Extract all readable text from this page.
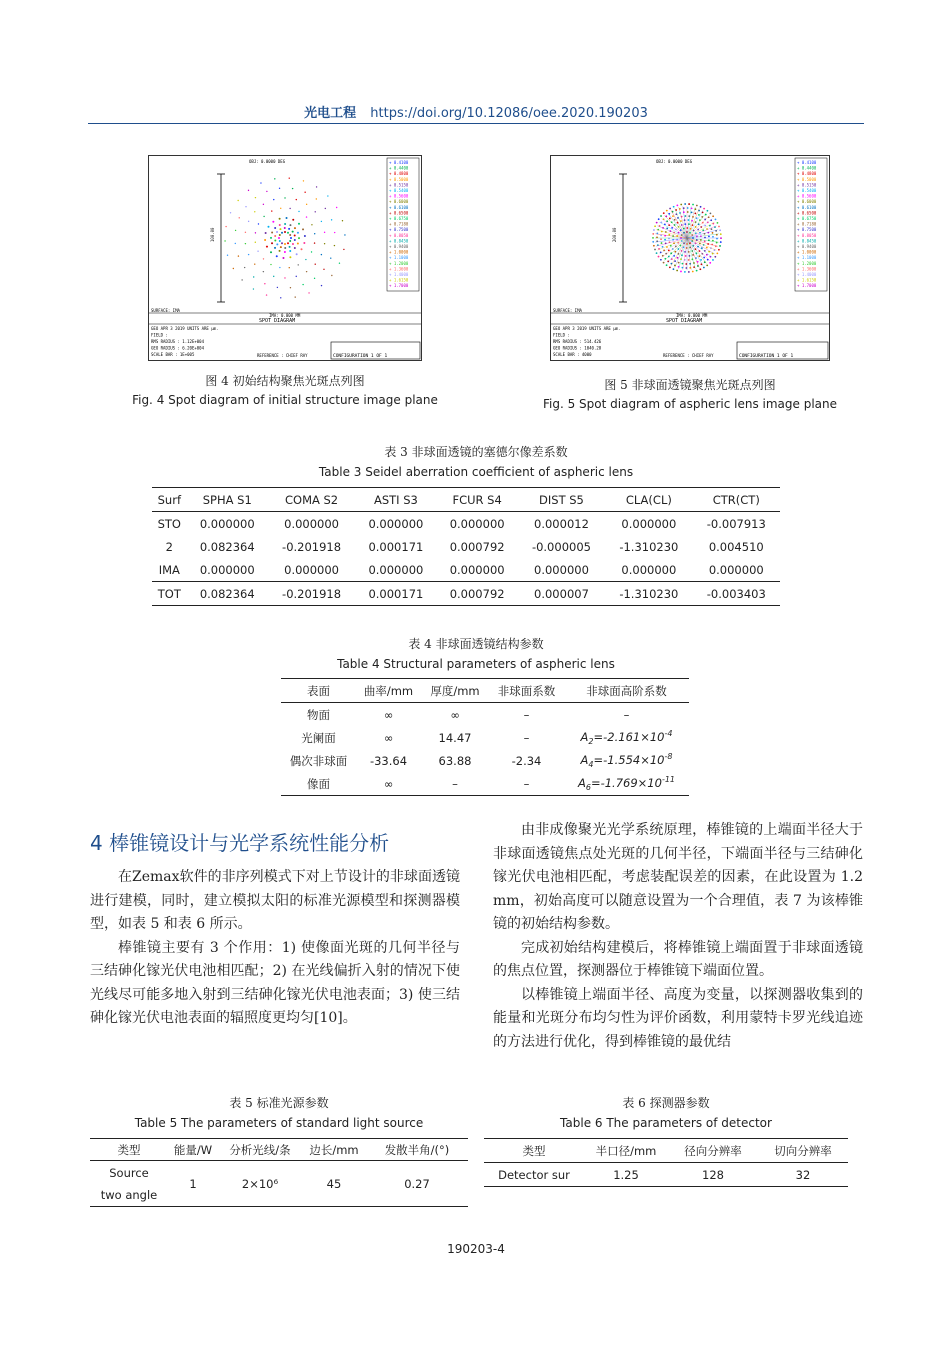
光电工程 https://doi.org/10.12086/oee.2020.190203
OBJ: 0.0000 DEG
100.00
+ 0.4100
+ 0.4400
+ 0.4800
+ 0.5000
+ 0.5150
+ 0.5400
+ 0.5600
+ 0.6000
+ 0.6100
+ 0.6500
+ 0.6750
+ 0.7180
+ 0.7500
+ 0.8050
+ 0.8450
+ 0.9400
+ 1.0000
+ 1.1000
+ 1.2000
+ 1.3600
+ 1.4000
+ 1.6150
+ 1.7000
SURFACE: IMA
IMA: 0.000 MM
SPOT DIAGRAM
GEO APR 3 2019 UNITS ARE μm.
FIELD :
RMS RADIUS : 1.12E+004
GEO RADIUS : 6.20E+004
SCALE BAR : 1E+005	REFERENCE : CHIEF RAY	CONFIGURATION 1 OF 1
图 4 初始结构聚焦光斑点列图
Fig. 4 Spot diagram of initial structure image plane
OBJ: 0.0000 DEG
200.00
+ 0.4100
+ 0.4400
+ 0.4800
+ 0.5000
+ 0.5150
+ 0.5400
+ 0.5600
+ 0.6000
+ 0.6100
+ 0.6500
+ 0.6750
+ 0.7180
+ 0.7500
+ 0.8050
+ 0.8450
+ 0.9400
+ 1.0000
+ 1.1000
+ 1.2000
+ 1.3600
+ 1.4000
+ 1.6150
+ 1.7000
SURFACE: IMA
IMA: 0.000 MM
SPOT DIAGRAM
GEO APR 3 2019 UNITS ARE μm.
FIELD :
RMS RADIUS : 514.426
GEO RADIUS : 1040.28
SCALE BAR : 4000	REFERENCE : CHIEF RAY	CONFIGURATION 1 OF 1
图 5 非球面透镜聚焦光斑点列图
Fig. 5 Spot diagram of aspheric lens image plane
表 3 非球面透镜的塞德尔像差系数
Table 3 Seidel aberration coefficient of aspheric lens
Surf	SPHA S1	COMA S2	ASTI S3	FCUR S4	DIST S5	CLA(CL)	CTR(CT)
STO	0.000000	0.000000	0.000000	0.000000	0.000012	0.000000	-0.007913
2	0.082364	-0.201918	0.000171	0.000792	-0.000005	-1.310230	0.004510
IMA	0.000000	0.000000	0.000000	0.000000	0.000000	0.000000	0.000000
TOT	0.082364	-0.201918	0.000171	0.000792	0.000007	-1.310230	-0.003403
表 4 非球面透镜结构参数
Table 4 Structural parameters of aspheric lens
表面	曲率/mm	厚度/mm	非球面系数	非球面高阶系数
物面	∞	∞	–	–
光阑面	∞	14.47	–	$A_2=-2.161\times 10^{-4}$
偶次非球面	-33.64	63.88	-2.34	$A_4=-1.554\times 10^{-8}$
像面	∞	–	–	$A_6=-1.769\times 10^{-11}$
4 棒锥镜设计与光学系统性能分析

在Zemax软件的非序列模式下对上节设计的非球面透镜进行建模，同时，建立模拟太阳的标准光源模型和探测器模型，如表 5 和表 6 所示。

棒锥镜主要有 3 个作用：1) 使像面光斑的几何半径与三结砷化镓光伏电池相匹配；2) 在光线偏折入射的情况下使光线尽可能多地入射到三结砷化镓光伏电池表面；3) 使三结砷化镓光伏电池表面的辐照度更均匀[10]。

由非成像聚光光学系统原理，棒锥镜的上端面半径大于非球面透镜焦点处光斑的几何半径，下端面半径与三结砷化镓光伏电池相匹配，考虑装配误差的因素，在此设置为 1.2 mm，初始高度可以随意设置为一个合理值，表 7 为该棒锥镜的初始结构参数。

完成初始结构建模后，将棒锥镜上端面置于非球面透镜的焦点位置，探测器位于棒锥镜下端面位置。

以棒锥镜上端面半径、高度为变量，以探测器收集到的能量和光斑分布均匀性为评价函数，利用蒙特卡罗光线追迹的方法进行优化，得到棒锥镜的最优结

表 5 标准光源参数
Table 5 The parameters of standard light source
类型	能量/W	分析光线/条	边长/mm	发散半角/(°)
Source two angle	1	2×10⁶	45	0.27
表 6 探测器参数
Table 6 The parameters of detector
类型	半口径/mm	径向分辨率	切向分辨率
Detector sur	1.25	128	32
190203-4
